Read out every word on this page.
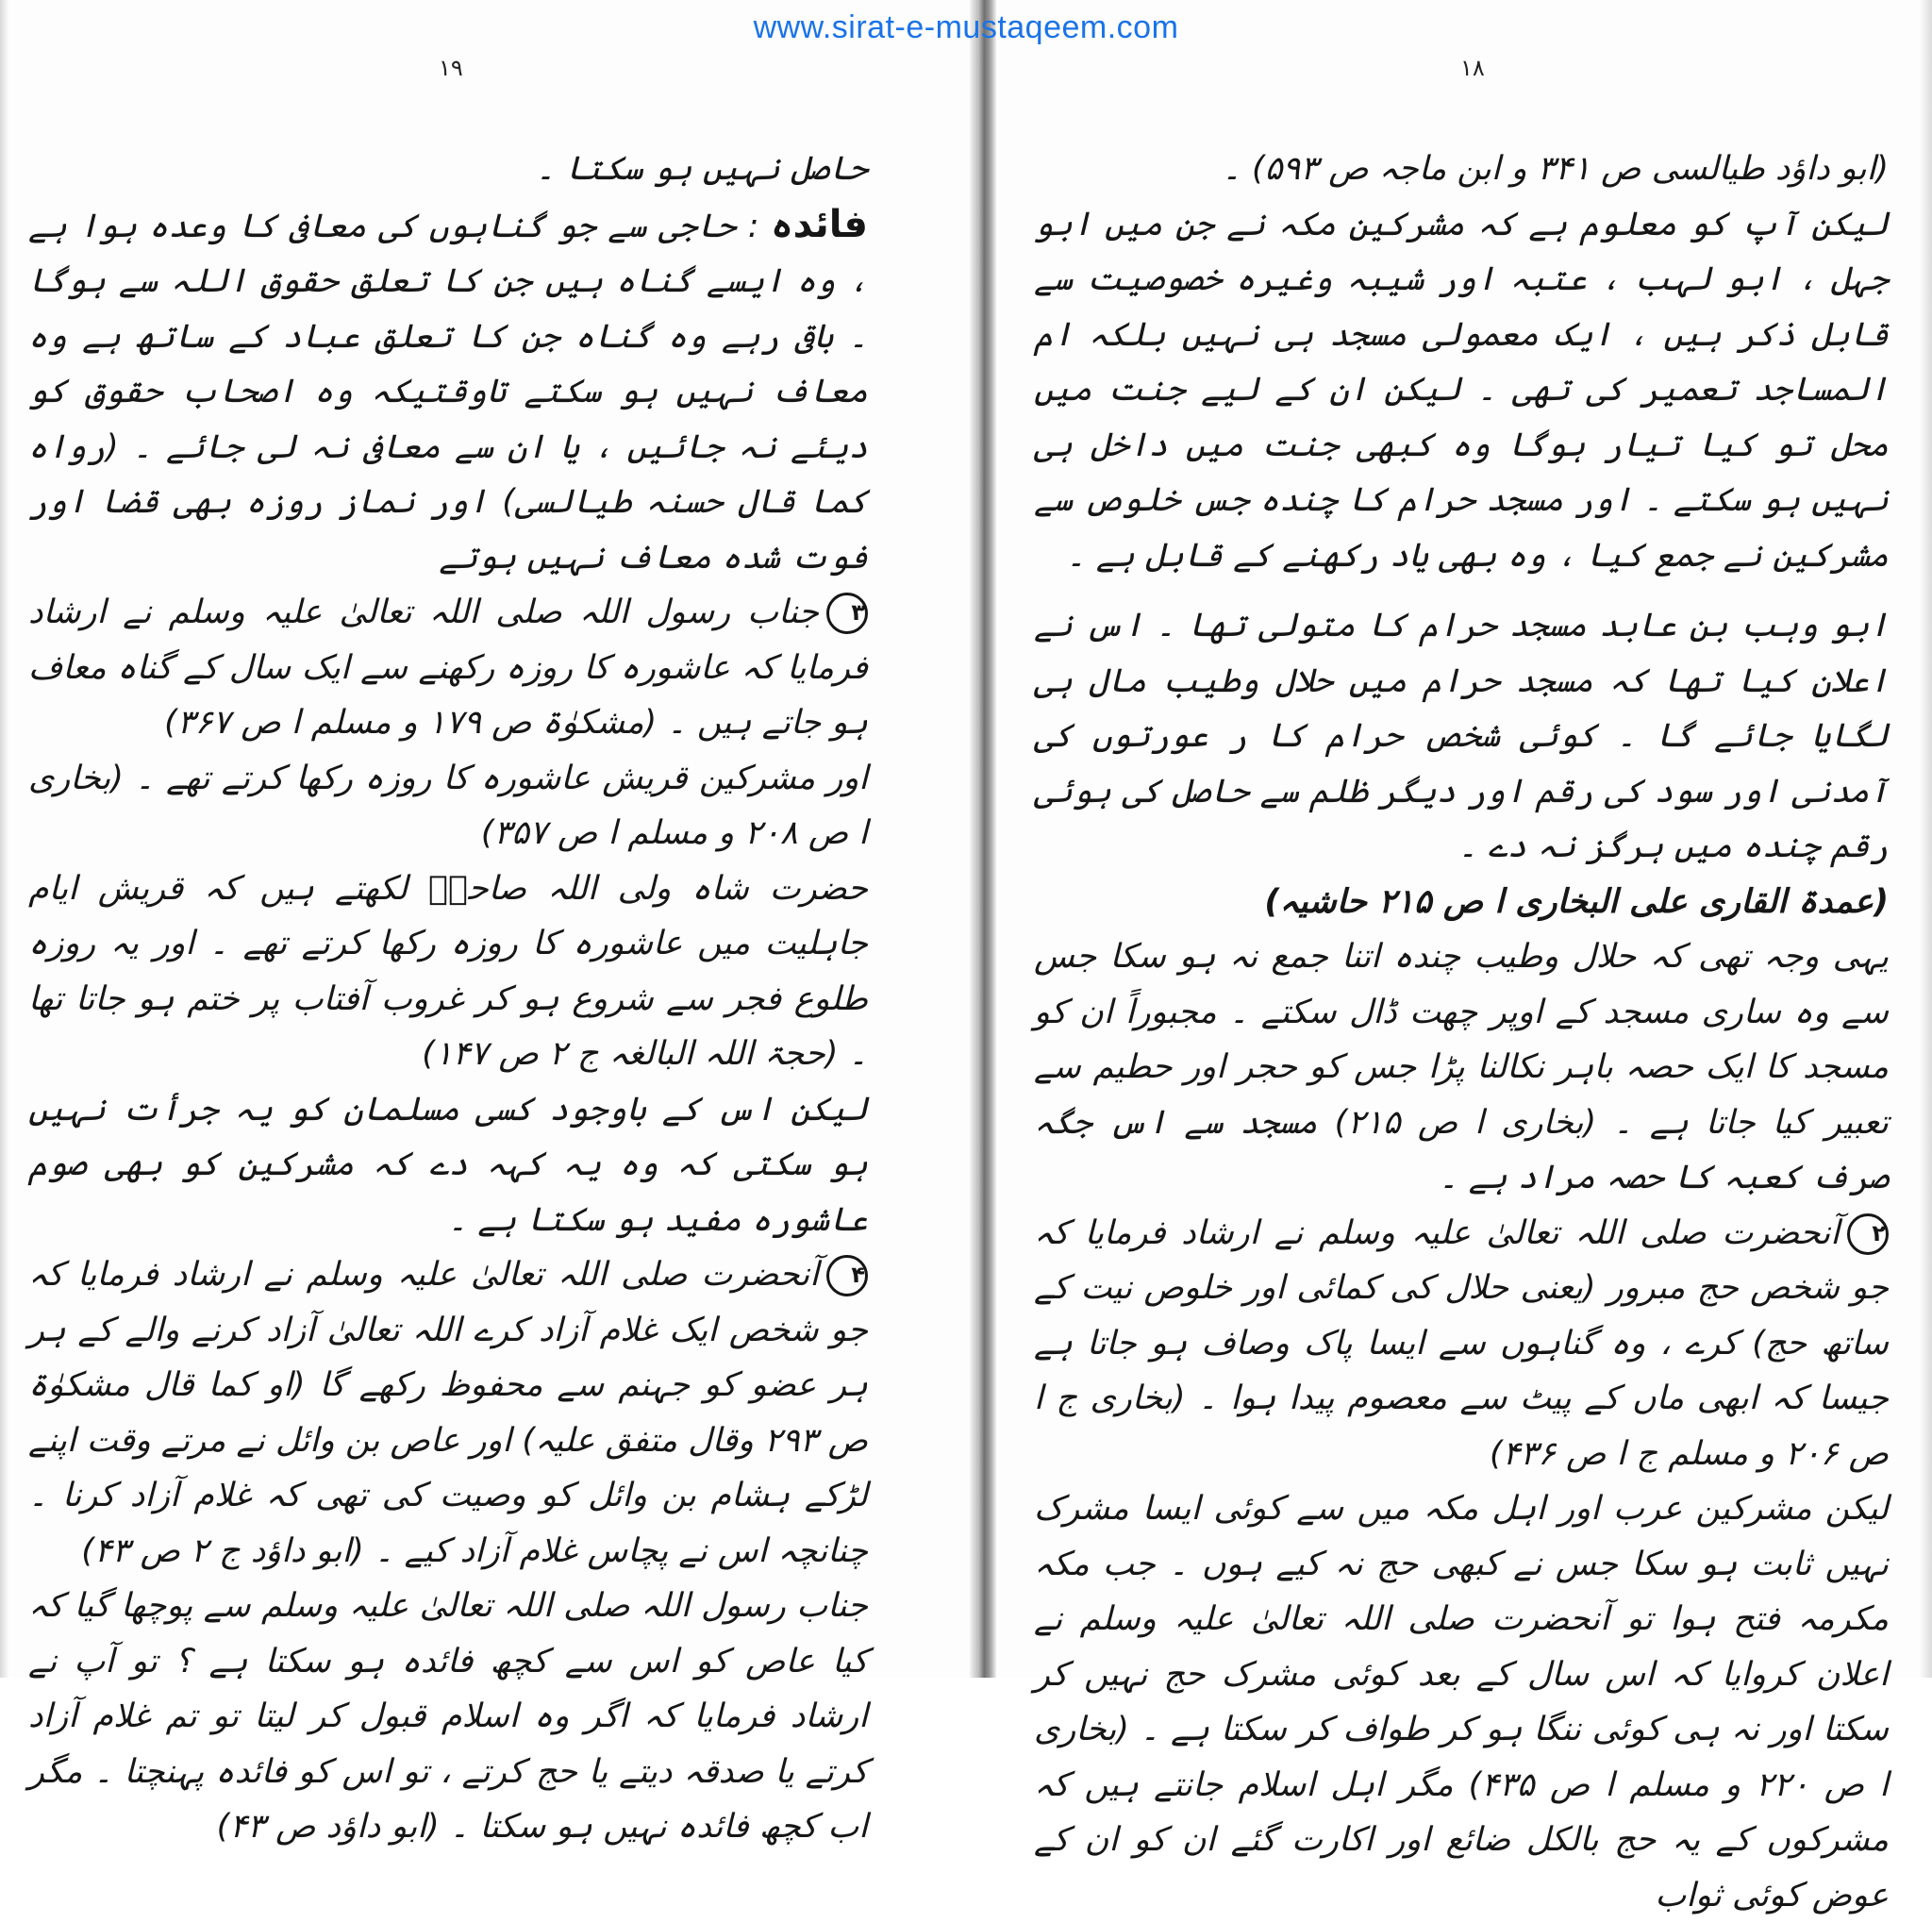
۱۹

حاصل نہیں ہو سکتا ۔

فائدہ : حاجی سے جو گناہوں کی معافی کا وعدہ ہوا ہے ، وہ ایسے گناہ ہیں جن کا تعلق حقوق اللہ سے ہوگا ۔ باقی رہے وہ گناہ جن کا تعلق عباد کے ساتھ ہے وہ معاف نہیں ہو سکتے تاوقتیکہ وہ اصحاب حقوق کو دیئے نہ جائیں ، یا ان سے معافی نہ لی جائے ۔ (رواہ کما قال حسنہ طیالسی) اور نماز روزہ بھی قضا اور فوت شدہ معاف نہیں ہوتے

۳جناب رسول اللہ صلی اللہ تعالیٰ علیہ وسلم نے ارشاد فرمایا کہ عاشورہ کا روزہ رکھنے سے ایک سال کے گناہ معاف ہو جاتے ہیں ۔ (مشکوٰۃ ص ۱۷۹ و مسلم ا ص ۳۶۷)

اور مشرکین قریش عاشورہ کا روزہ رکھا کرتے تھے ۔ (بخاری ا ص ۲۰۸ و مسلم ا ص ۳۵۷)

حضرت شاہ ولی اللہ صاحبؒ لکھتے ہیں کہ قریش ایام جاہلیت میں عاشورہ کا روزہ رکھا کرتے تھے ۔ اور یہ روزہ طلوع فجر سے شروع ہو کر غروب آفتاب پر ختم ہو جاتا تھا ۔ (حجۃ اللہ البالغہ ج ۲ ص ۱۴۷)

لیکن اس کے باوجود کسی مسلمان کو یہ جرأت نہیں ہو سکتی کہ وہ یہ کہہ دے کہ مشرکین کو بھی صوم عاشورہ مفید ہو سکتا ہے ۔

۴آنحضرت صلی اللہ تعالیٰ علیہ وسلم نے ارشاد فرمایا کہ جو شخص ایک غلام آزاد کرے اللہ تعالیٰ آزاد کرنے والے کے ہر ہر عضو کو جہنم سے محفوظ رکھے گا (او کما قال مشکوٰۃ ص ۲۹۳ وقال متفق علیہ) اور عاص بن وائل نے مرتے وقت اپنے لڑکے ہشام بن وائل کو وصیت کی تھی کہ غلام آزاد کرنا ۔ چنانچہ اس نے پچاس غلام آزاد کیے ۔ (ابو داؤد ج ۲ ص ۴۳)

جناب رسول اللہ صلی اللہ تعالیٰ علیہ وسلم سے پوچھا گیا کہ کیا عاص کو اس سے کچھ فائدہ ہو سکتا ہے ؟ تو آپ نے ارشاد فرمایا کہ اگر وہ اسلام قبول کر لیتا تو تم غلام آزاد کرتے یا صدقہ دیتے یا حج کرتے ، تو اس کو فائدہ پہنچتا ۔ مگر اب کچھ فائدہ نہیں ہو سکتا ۔ (ابو داؤد ص ۴۳)

۱۸

(ابو داؤد طیالسی ص ۳۴۱ و ابن ماجہ ص ۵۹۳) ۔

لیکن آپ کو معلوم ہے کہ مشرکین مکہ نے جن میں ابو جہل ، ابو لہب ، عتبہ اور شیبہ وغیرہ خصوصیت سے قابل ذکر ہیں ، ایک معمولی مسجد ہی نہیں بلکہ ام المساجد تعمیر کی تھی ۔ لیکن ان کے لیے جنت میں محل تو کیا تیار ہوگا وہ کبھی جنت میں داخل ہی نہیں ہو سکتے ۔ اور مسجد حرام کا چندہ جس خلوص سے مشرکین نے جمع کیا ، وہ بھی یاد رکھنے کے قابل ہے ۔

ابو وہب بن عابد مسجد حرام کا متولی تھا ۔ اس نے اعلان کیا تھا کہ مسجد حرام میں حلال وطیب مال ہی لگایا جائے گا ۔ کوئی شخص حرام کا ر عورتوں کی آمدنی اور سود کی رقم اور دیگر ظلم سے حاصل کی ہوئی رقم چندہ میں ہرگز نہ دے ۔

(عمدۃ القاری علی البخاری ا ص ۲۱۵ حاشیہ)

یہی وجہ تھی کہ حلال وطیب چندہ اتنا جمع نہ ہو سکا جس سے وہ ساری مسجد کے اوپر چھت ڈال سکتے ۔ مجبوراً ان کو مسجد کا ایک حصہ باہر نکالنا پڑا جس کو حجر اور حطیم سے تعبیر کیا جاتا ہے ۔ (بخاری ا ص ۲۱۵) مسجد سے اس جگہ صرف کعبہ کا حصہ مراد ہے ۔

۲آنحضرت صلی اللہ تعالیٰ علیہ وسلم نے ارشاد فرمایا کہ جو شخص حج مبرور (یعنی حلال کی کمائی اور خلوص نیت کے ساتھ حج) کرے ، وہ گناہوں سے ایسا پاک وصاف ہو جاتا ہے جیسا کہ ابھی ماں کے پیٹ سے معصوم پیدا ہوا ۔ (بخاری ج ا ص ۲۰۶ و مسلم ج ا ص ۴۳۶)

لیکن مشرکین عرب اور اہل مکہ میں سے کوئی ایسا مشرک نہیں ثابت ہو سکا جس نے کبھی حج نہ کیے ہوں ۔ جب مکہ مکرمہ فتح ہوا تو آنحضرت صلی اللہ تعالیٰ علیہ وسلم نے اعلان کروایا کہ اس سال کے بعد کوئی مشرک حج نہیں کر سکتا اور نہ ہی کوئی ننگا ہو کر طواف کر سکتا ہے ۔ (بخاری ا ص ۲۲۰ و مسلم ا ص ۴۳۵) مگر اہل اسلام جانتے ہیں کہ مشرکوں کے یہ حج بالکل ضائع اور اکارت گئے ان کو ان کے عوض کوئی ثواب

www.sirat-e-mustaqeem.com
